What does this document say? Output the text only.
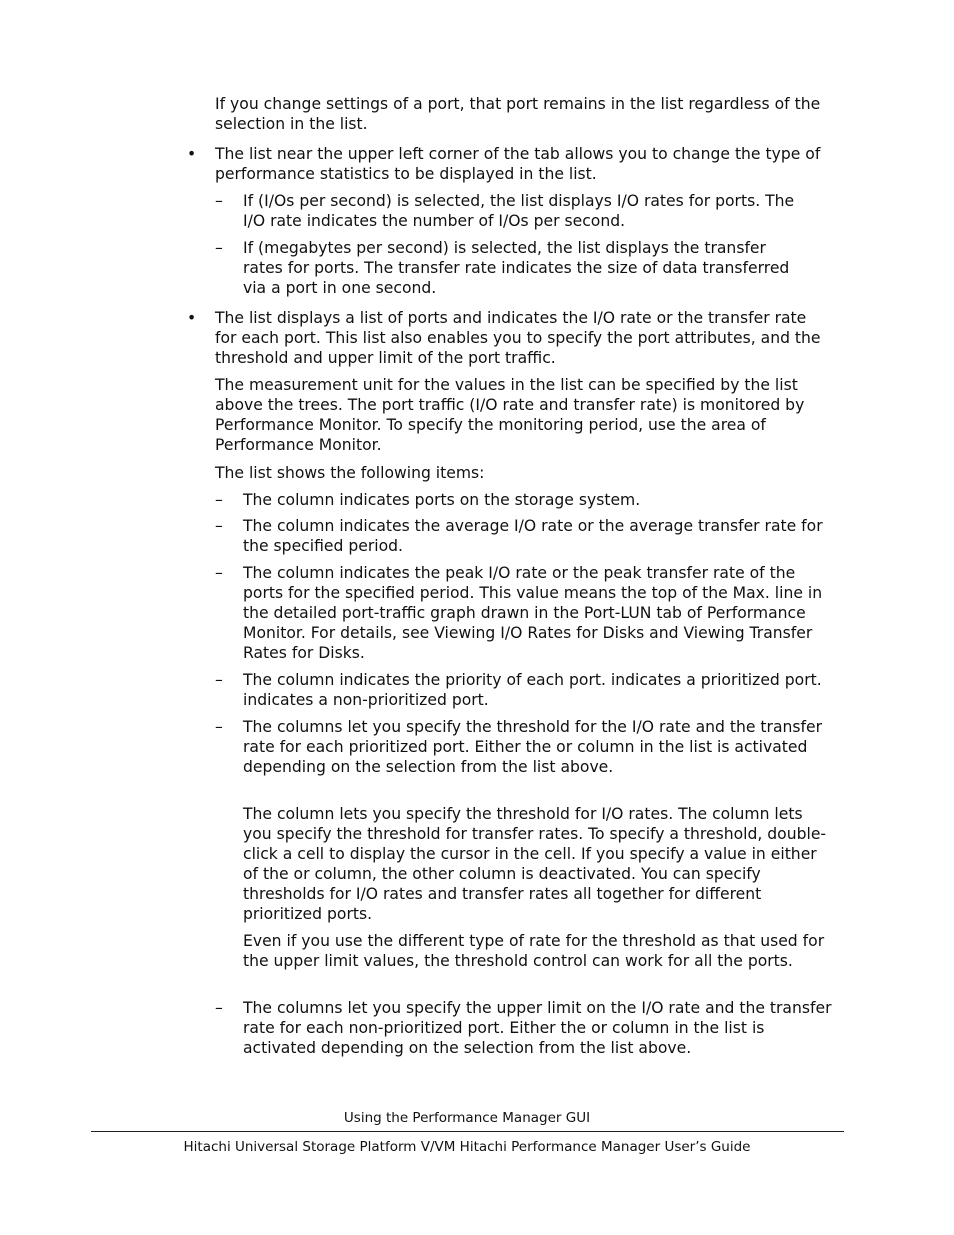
If you change settings of a port, that port remains in the list regardless of the selection in the list.

• The list near the upper left corner of the tab allows you to change the type of performance statistics to be displayed in the list.

– If (I/Os per second) is selected, the list displays I/O rates for ports. The I/O rate indicates the number of I/Os per second.

– If (megabytes per second) is selected, the list displays the transfer rates for ports. The transfer rate indicates the size of data transferred via a port in one second.

• The list displays a list of ports and indicates the I/O rate or the transfer rate for each port. This list also enables you to specify the port attributes, and the threshold and upper limit of the port traffic.

The measurement unit for the values in the list can be specified by the list above the trees. The port traffic (I/O rate and transfer rate) is monitored by Performance Monitor. To specify the monitoring period, use the area of Performance Monitor.

The list shows the following items:

– The column indicates ports on the storage system.

– The column indicates the average I/O rate or the average transfer rate for the specified period.

– The column indicates the peak I/O rate or the peak transfer rate of the ports for the specified period. This value means the top of the Max. line in the detailed port-traffic graph drawn in the Port-LUN tab of Performance Monitor. For details, see Viewing I/O Rates for Disks and Viewing Transfer Rates for Disks.

– The column indicates the priority of each port. indicates a prioritized port. indicates a non-prioritized port.

– The columns let you specify the threshold for the I/O rate and the transfer rate for each prioritized port. Either the or column in the list is activated depending on the selection from the list above.

The column lets you specify the threshold for I/O rates. The column lets you specify the threshold for transfer rates. To specify a threshold, double-click a cell to display the cursor in the cell. If you specify a value in either of the or column, the other column is deactivated. You can specify thresholds for I/O rates and transfer rates all together for different prioritized ports.

Even if you use the different type of rate for the threshold as that used for the upper limit values, the threshold control can work for all the ports.

– The columns let you specify the upper limit on the I/O rate and the transfer rate for each non-prioritized port. Either the or column in the list is activated depending on the selection from the list above.

Using the Performance Manager GUI
Hitachi Universal Storage Platform V/VM Hitachi Performance Manager User’s Guide
